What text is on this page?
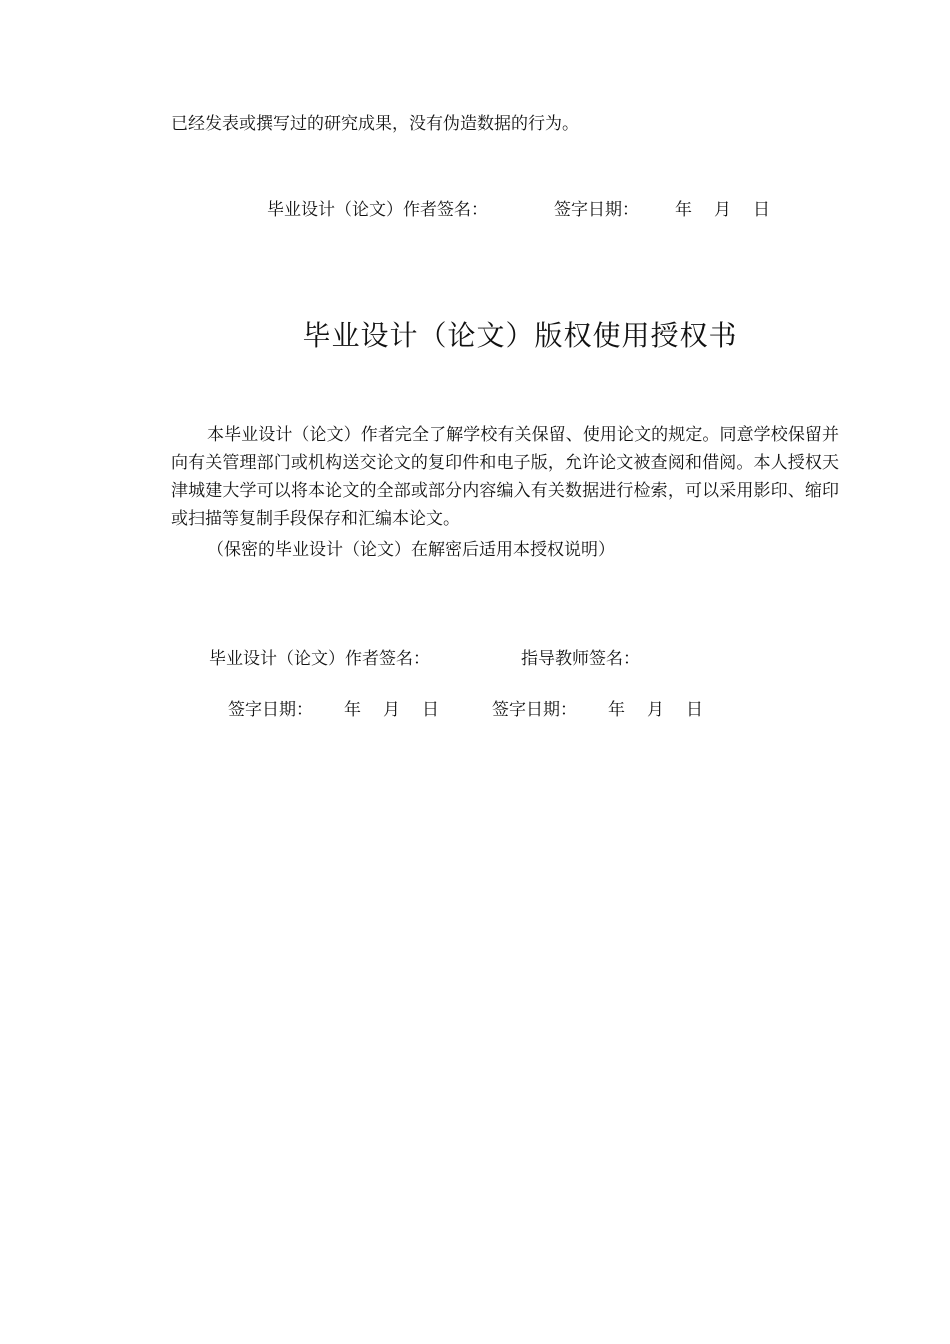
已经发表或撰写过的研究成果，没有伪造数据的行为。
毕业设计（论文）作者签名：	签字日期： 年 月 日
毕业设计（论文）版权使用授权书
本毕业设计（论文）作者完全了解学校有关保留、使用论文的规定。同意学校保留并向有关管理部门或机构送交论文的复印件和电子版，允许论文被查阅和借阅。本人授权天津城建大学可以将本论文的全部或部分内容编入有关数据进行检索，可以采用影印、缩印或扫描等复制手段保存和汇编本论文。
（保密的毕业设计（论文）在解密后适用本授权说明）
毕业设计（论文）作者签名：	指导教师签名：
签字日期： 年 月 日	签字日期： 年 月 日
